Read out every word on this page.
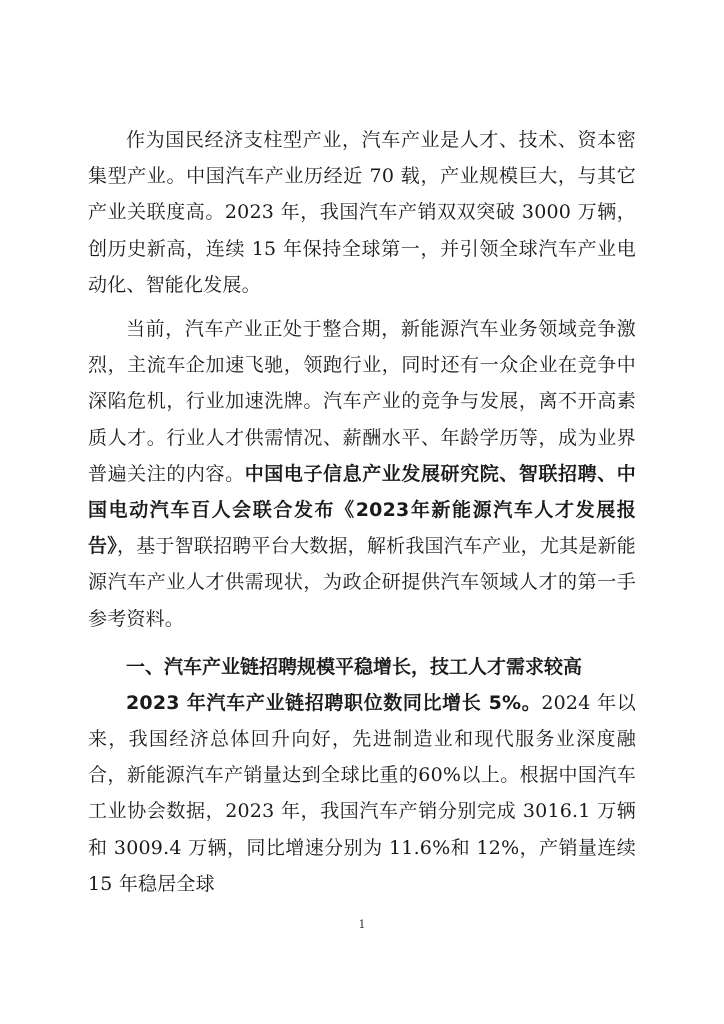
作为国民经济支柱型产业，汽车产业是人才、技术、资本密集型产业。中国汽车产业历经近 70 载，产业规模巨大，与其它产业关联度高。2023 年，我国汽车产销双双突破 3000 万辆，创历史新高，连续 15 年保持全球第一，并引领全球汽车产业电动化、智能化发展。

当前，汽车产业正处于整合期，新能源汽车业务领域竞争激烈，主流车企加速飞驰，领跑行业，同时还有一众企业在竞争中深陷危机，行业加速洗牌。汽车产业的竞争与发展，离不开高素质人才。行业人才供需情况、薪酬水平、年龄学历等，成为业界普遍关注的内容。中国电子信息产业发展研究院、智联招聘、中国电动汽车百人会联合发布《2023年新能源汽车人才发展报告》，基于智联招聘平台大数据，解析我国汽车产业，尤其是新能源汽车产业人才供需现状，为政企研提供汽车领域人才的第一手参考资料。

一、汽车产业链招聘规模平稳增长，技工人才需求较高

2023 年汽车产业链招聘职位数同比增长 5%。2024 年以来，我国经济总体回升向好，先进制造业和现代服务业深度融合，新能源汽车产销量达到全球比重的60%以上。根据中国汽车工业协会数据，2023 年，我国汽车产销分别完成 3016.1 万辆和 3009.4 万辆，同比增速分别为 11.6%和 12%，产销量连续 15 年稳居全球

1
